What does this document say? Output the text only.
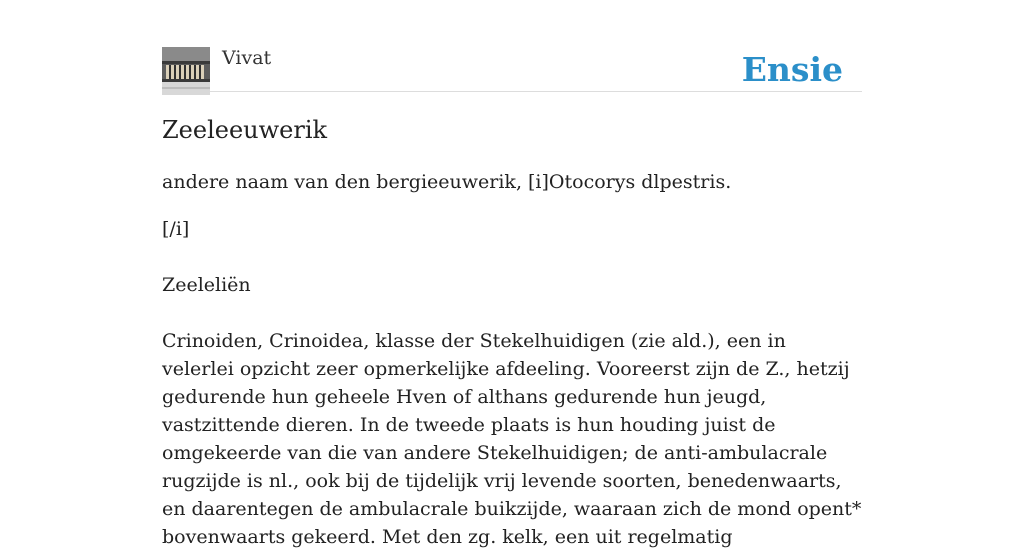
Vivat	Ensie
Zeeleeuwerik

andere naam van den bergieeuwerik, [i]Otocorys dlpestris.

[/i]

Zeeleliën

Crinoiden, Crinoidea, klasse der Stekelhuidigen (zie ald.), een in velerlei opzicht zeer opmerkelijke afdeeling. Vooreerst zijn de Z., hetzij gedurende hun geheele Hven of althans gedurende hun jeugd, vastzittende dieren. In de tweede plaats is hun houding juist de omgekeerde van die van andere Stekelhuidigen; de anti-ambulacrale rugzijde is nl., ook bij de tijdelijk vrij levende soorten, benedenwaarts, en daarentegen de ambulacrale buikzijde, waaraan zich de mond opent* bovenwaarts gekeerd. Met den zg. kelk, een uit regelmatig
